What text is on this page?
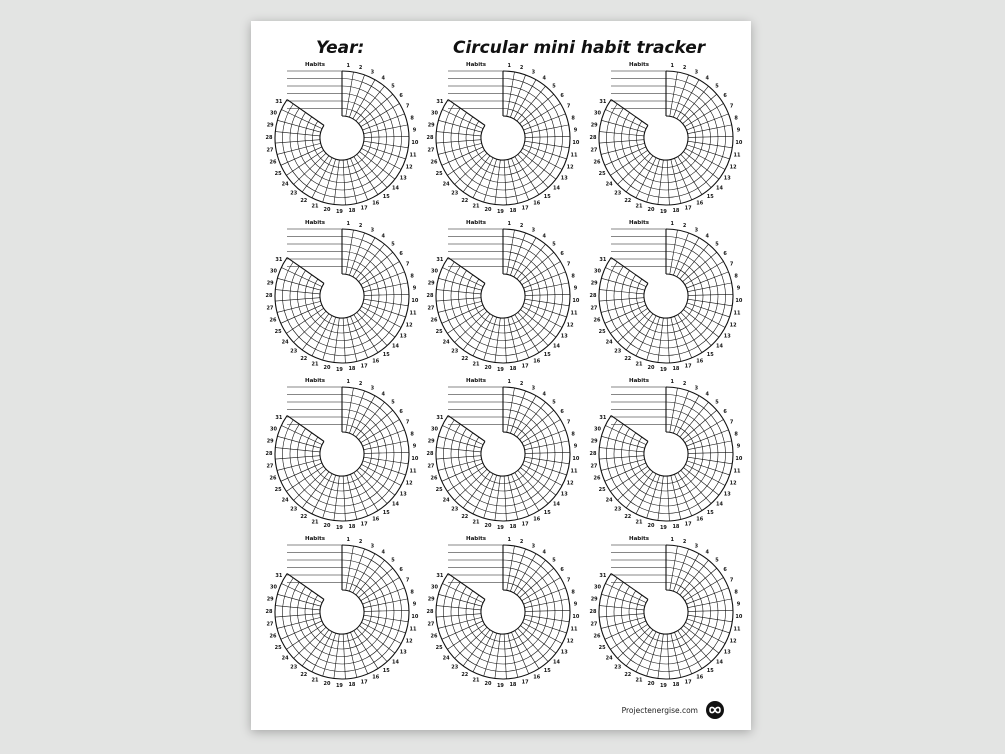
Year:	Circular mini habit tracker
1 2
3
4
5
6
7
8
9
10
11
12
13
14
15
16
17
18
19
20
21
22
23
24
25
26
27
28
29
30
31
Habits	1 2
3
4
5
6
7
8
9
10
11
12
13
14
15
16
17
18
19
20
21
22
23
24
25
26
27
28
29
30
31
Habits	1 2
3
4
5
6
7
8
9
10
11
12
13
14
15
16
17
18
19
20
21
22
23
24
25
26
27
28
29
30
31
Habits
1 2
3
4
5
6
7
8
9
10
11
12
13
14
15
16
17
18
19
20
21
22
23
24
25
26
27
28
29
30
31
Habits	1 2
3
4
5
6
7
8
9
10
11
12
13
14
15
16
17
18
19
20
21
22
23
24
25
26
27
28
29
30
31
Habits	1 2
3
4
5
6
7
8
9
10
11
12
13
14
15
16
17
18
19
20
21
22
23
24
25
26
27
28
29
30
31
Habits
1 2
3
4
5
6
7
8
9
10
11
12
13
14
15
16
17
18
19
20
21
22
23
24
25
26
27
28
29
30
31
Habits	1 2
3
4
5
6
7
8
9
10
11
12
13
14
15
16
17
18
19
20
21
22
23
24
25
26
27
28
29
30
31
Habits	1 2
3
4
5
6
7
8
9
10
11
12
13
14
15
16
17
18
19
20
21
22
23
24
25
26
27
28
29
30
31
Habits
1 2
3
4
5
6
7
8
9
10
11
12
13
14
15
16
17
18
19
20
21
22
23
24
25
26
27
28
29
30
31
Habits	1 2
3
4
5
6
7
8
9
10
11
12
13
14
15
16
17
18
19
20
21
22
23
24
25
26
27
28
29
30
31
Habits	1 2
3
4
5
6
7
8
9
10
11
12
13
14
15
16
17
18
19
20
21
22
23
24
25
26
27
28
29
30
31
Habits
Projectenergise.com
